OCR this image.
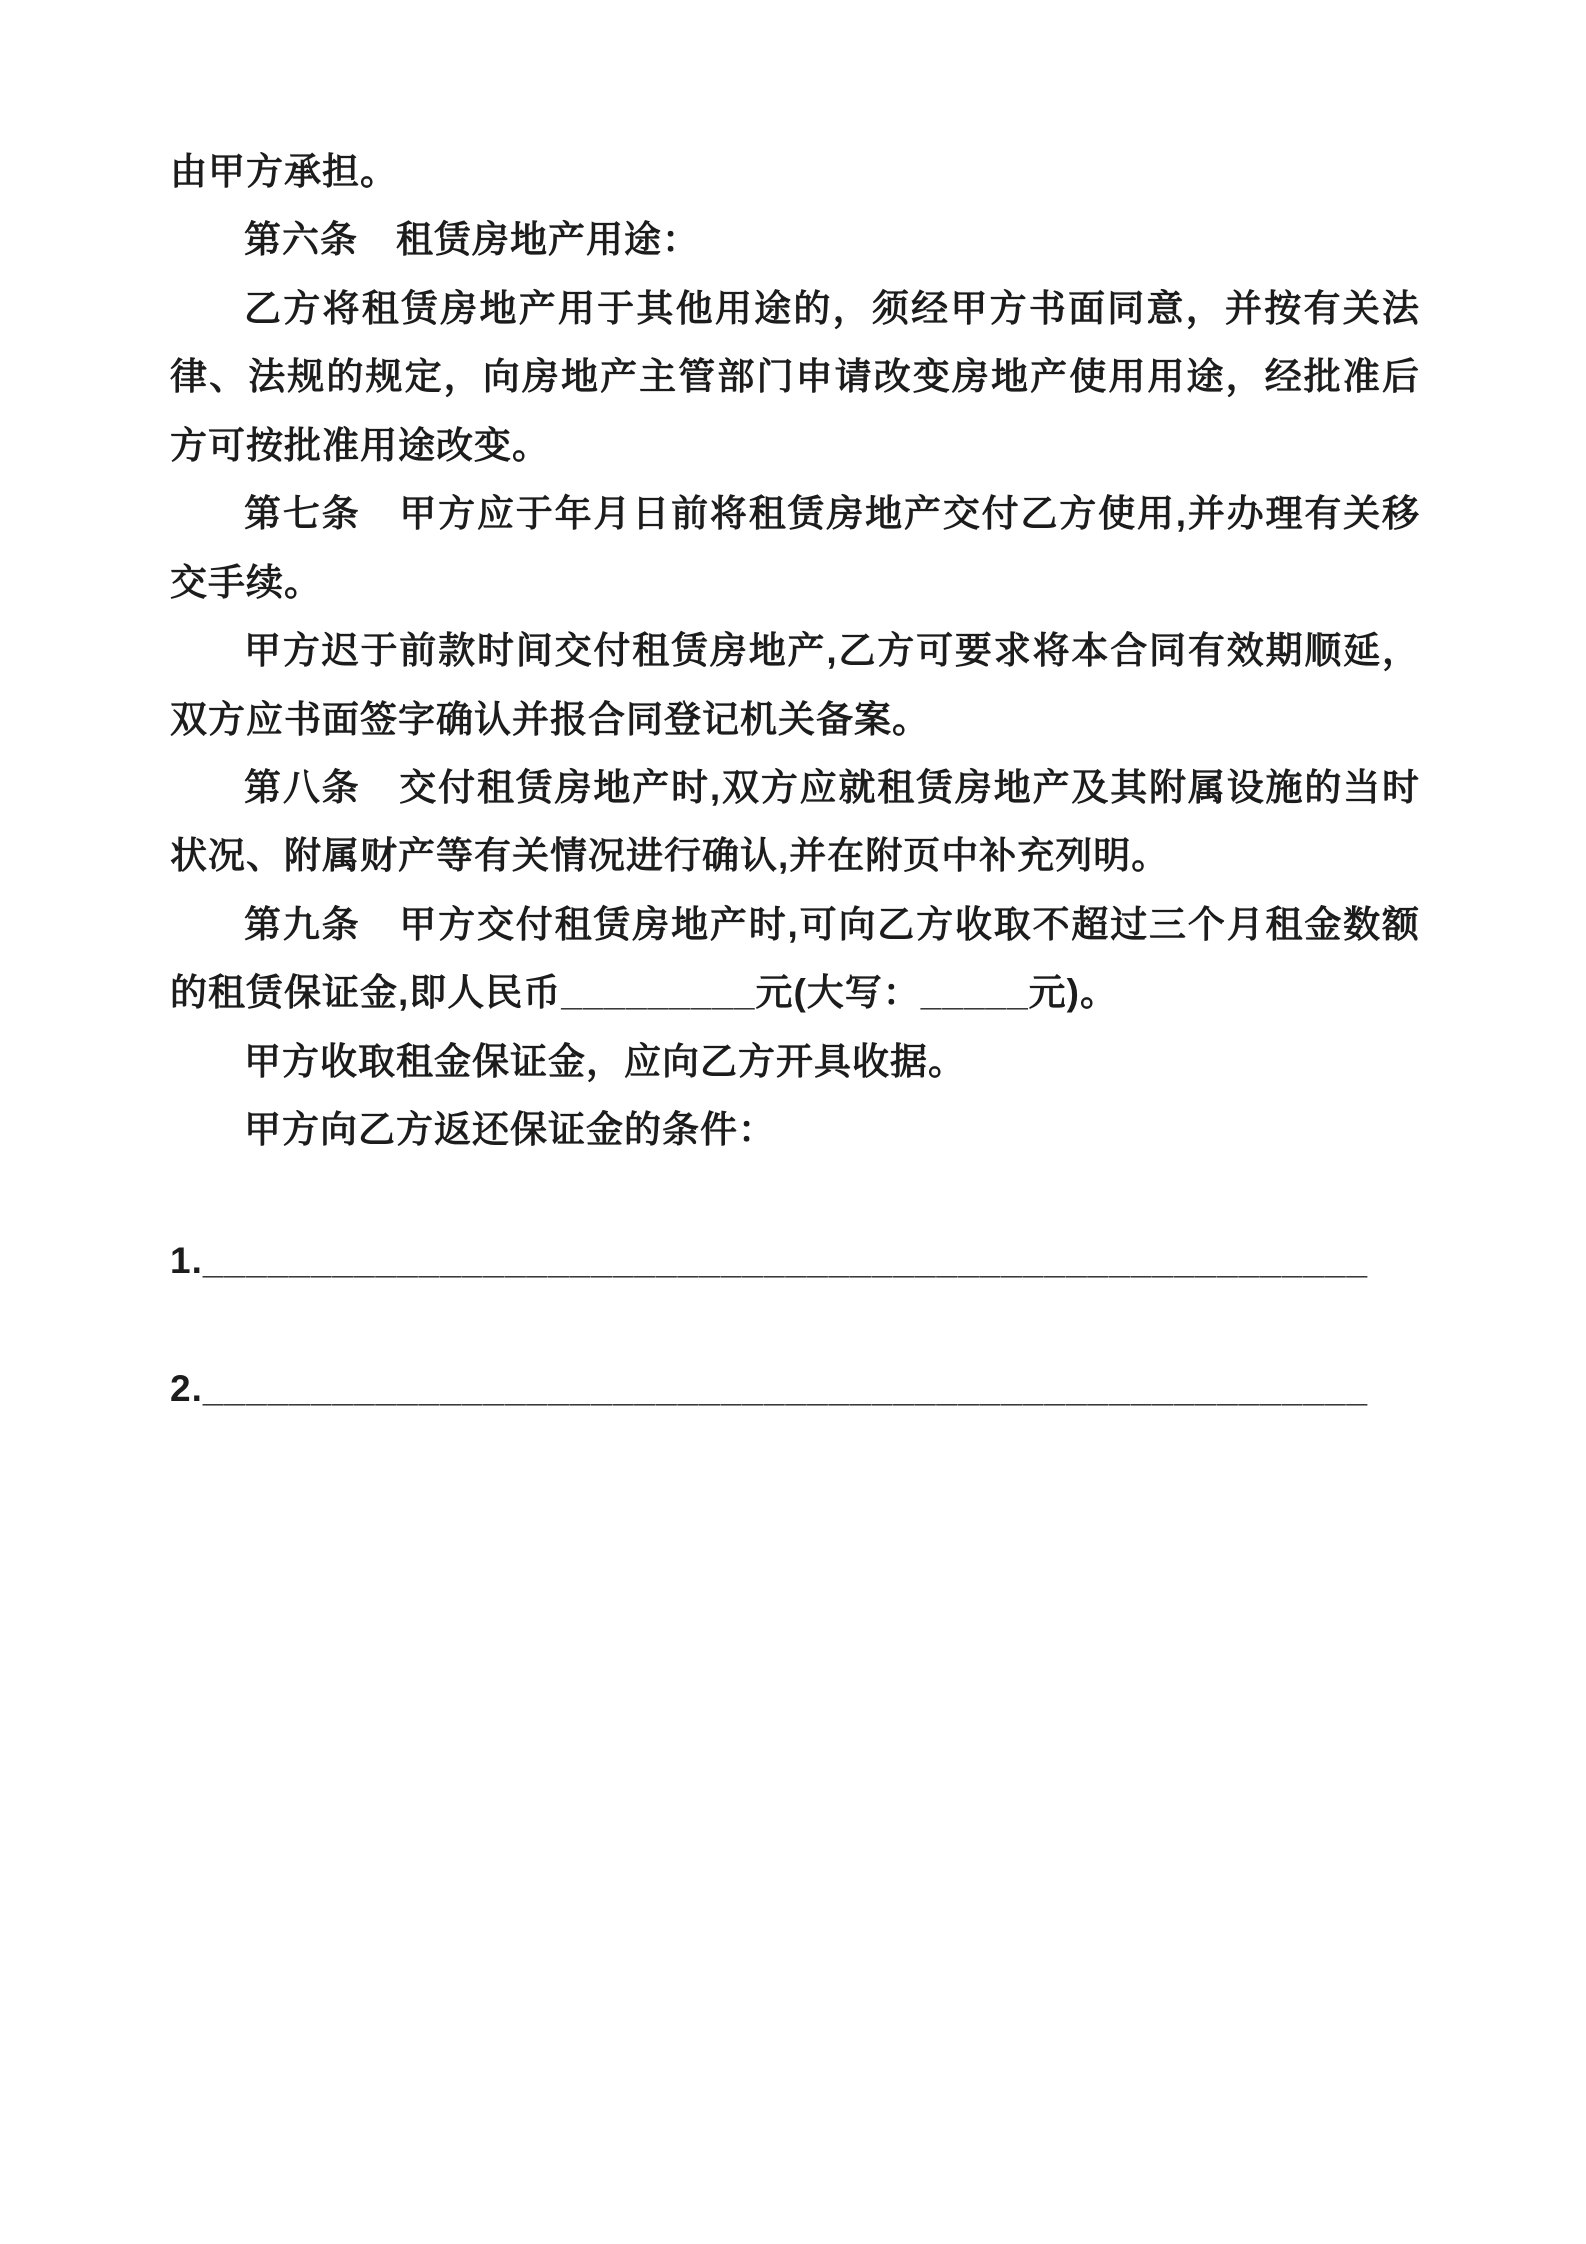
由甲方承担。

第六条　租赁房地产用途：

乙方将租赁房地产用于其他用途的，须经甲方书面同意，并按有关法律、法规的规定，向房地产主管部门申请改变房地产使用用途，经批准后方可按批准用途改变。

第七条　甲方应于年月日前将租赁房地产交付乙方使用,并办理有关移交手续。

甲方迟于前款时间交付租赁房地产,乙方可要求将本合同有效期顺延，双方应书面签字确认并报合同登记机关备案。

第八条　交付租赁房地产时,双方应就租赁房地产及其附属设施的当时状况、附属财产等有关情况进行确认,并在附页中补充列明。

第九条　甲方交付租赁房地产时,可向乙方收取不超过三个月租金数额的租赁保证金,即人民币_________元(大写：_____元)。

甲方收取租金保证金，应向乙方开具收据。

甲方向乙方返还保证金的条件：

1.______________________________________________________

2.______________________________________________________
